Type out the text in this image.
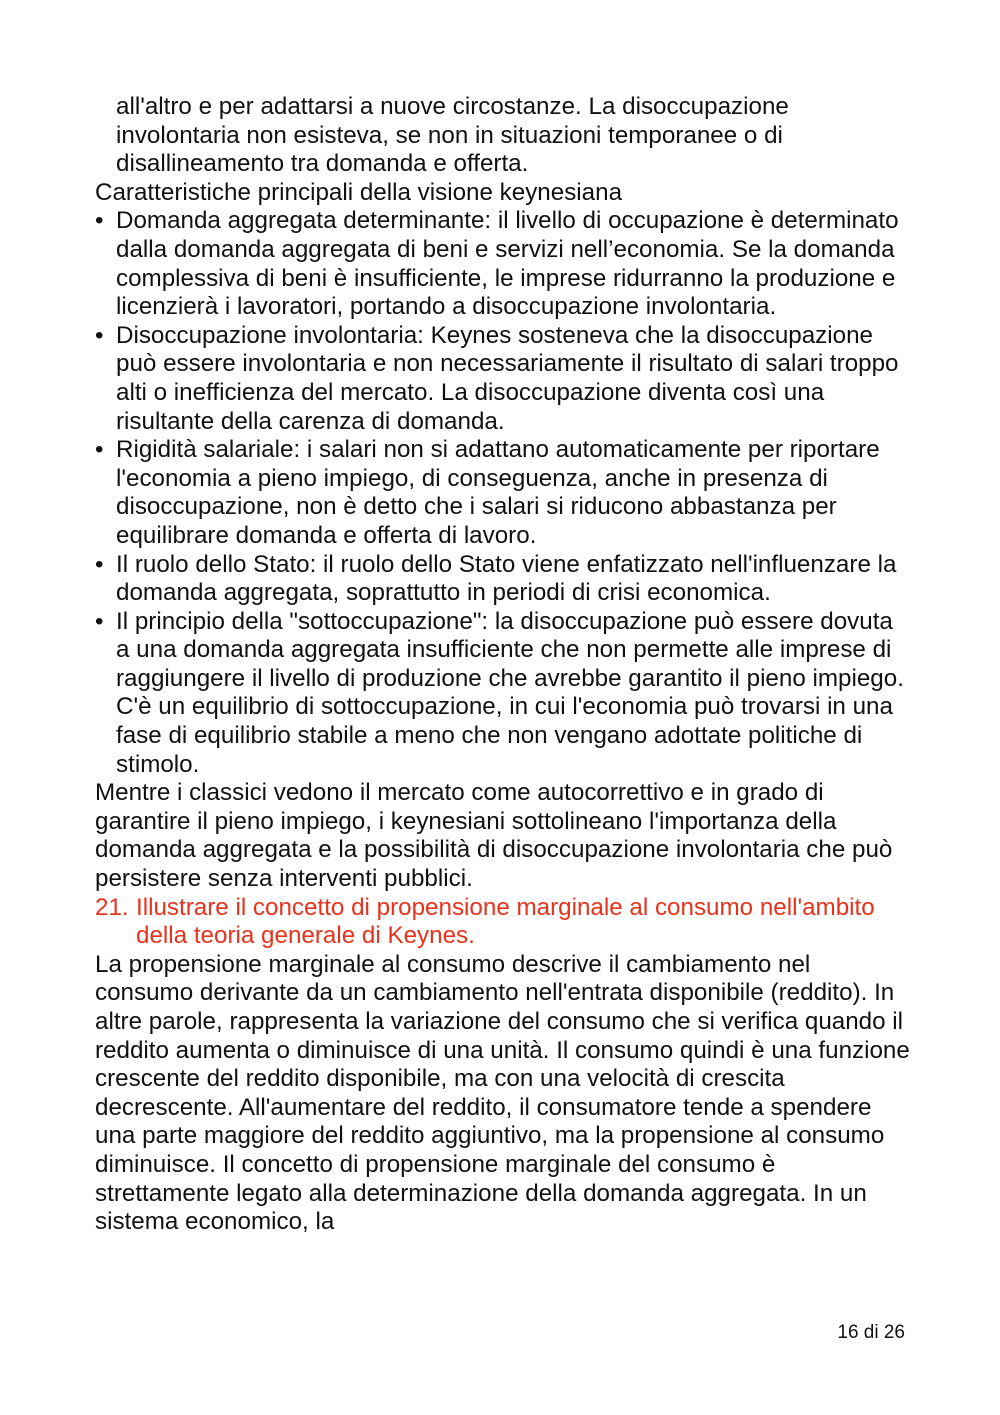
all'altro e per adattarsi a nuove circostanze. La disoccupazione involontaria non esisteva, se non in situazioni temporanee o di disallineamento tra domanda e offerta.

Caratteristiche principali della visione keynesiana

• Domanda aggregata determinante: il livello di occupazione è determinato dalla domanda aggregata di beni e servizi nell’economia. Se la domanda complessiva di beni è insufficiente, le imprese ridurranno la produzione e licenzierà i lavoratori, portando a disoccupazione involontaria.
• Disoccupazione involontaria: Keynes sosteneva che la disoccupazione può essere involontaria e non necessariamente il risultato di salari troppo alti o inefficienza del mercato. La disoccupazione diventa così una risultante della carenza di domanda.
• Rigidità salariale: i salari non si adattano automaticamente per riportare l'economia a pieno impiego, di conseguenza, anche in presenza di disoccupazione, non è detto che i salari si riducono abbastanza per equilibrare domanda e offerta di lavoro.
• Il ruolo dello Stato: il ruolo dello Stato viene enfatizzato nell'influenzare la domanda aggregata, soprattutto in periodi di crisi economica.
• Il principio della "sottoccupazione": la disoccupazione può essere dovuta a una domanda aggregata insufficiente che non permette alle imprese di raggiungere il livello di produzione che avrebbe garantito il pieno impiego. C'è un equilibrio di sottoccupazione, in cui l'economia può trovarsi in una fase di equilibrio stabile a meno che non vengano adottate politiche di stimolo.

Mentre i classici vedono il mercato come autocorrettivo e in grado di garantire il pieno impiego, i keynesiani sottolineano l'importanza della domanda aggregata e la possibilità di disoccupazione involontaria che può persistere senza interventi pubblici.

21. Illustrare il concetto di propensione marginale al consumo nell'ambito della teoria generale di Keynes.

La propensione marginale al consumo descrive il cambiamento nel consumo derivante da un cambiamento nell'entrata disponibile (reddito). In altre parole, rappresenta la variazione del consumo che si verifica quando il reddito aumenta o diminuisce di una unità. Il consumo quindi è una funzione crescente del reddito disponibile, ma con una velocità di crescita decrescente. All'aumentare del reddito, il consumatore tende a spendere una parte maggiore del reddito aggiuntivo, ma la propensione al consumo diminuisce. Il concetto di propensione marginale del consumo è strettamente legato alla determinazione della domanda aggregata. In un sistema economico, la

16 di 26
